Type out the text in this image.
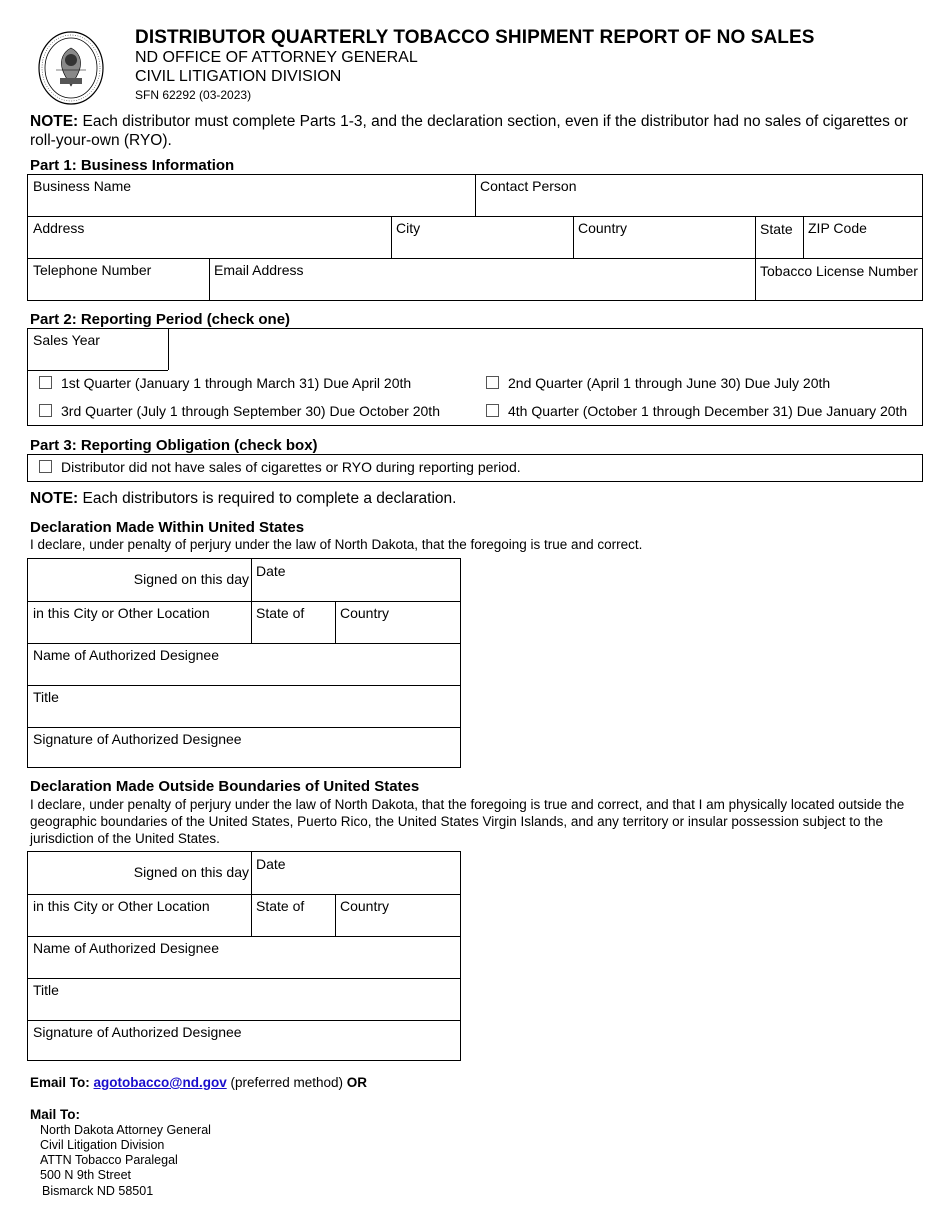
DISTRIBUTOR QUARTERLY TOBACCO SHIPMENT REPORT OF NO SALES
ND OFFICE OF ATTORNEY GENERAL
CIVIL LITIGATION DIVISION
SFN 62292 (03-2023)
NOTE: Each distributor must complete Parts 1-3, and the declaration section, even if the distributor had no sales of cigarettes or roll-your-own (RYO).
Part 1: Business Information
Business Name	Contact Person
Address	City	Country	State	ZIP Code
Telephone Number	Email Address	Tobacco License Number
Part 2: Reporting Period (check one)
Sales Year
1st Quarter (January 1 through March 31) Due April 20th	2nd Quarter (April 1 through June 30) Due July 20th
3rd Quarter (July 1 through September 30) Due October 20th	4th Quarter (October 1 through December 31) Due January 20th
Part 3: Reporting Obligation (check box)
Distributor did not have sales of cigarettes or RYO during reporting period.
NOTE: Each distributors is required to complete a declaration.
Declaration Made Within United States
I declare, under penalty of perjury under the law of North Dakota, that the foregoing is true and correct.
Signed on this day Date
in this City or Other Location	State of	Country
Name of Authorized Designee
Title
Signature of Authorized Designee
Declaration Made Outside Boundaries of United States
I declare, under penalty of perjury under the law of North Dakota, that the foregoing is true and correct, and that I am physically located outside the geographic boundaries of the United States, Puerto Rico, the United States Virgin Islands, and any territory or insular possession subject to the jurisdiction of the United States.
Signed on this day Date
in this City or Other Location	State of	Country
Name of Authorized Designee
Title
Signature of Authorized Designee
Email To: agotobacco@nd.gov (preferred method) OR
Mail To:
North Dakota Attorney General
Civil Litigation Division
ATTN Tobacco Paralegal
500 N 9th Street
Bismarck ND 58501
